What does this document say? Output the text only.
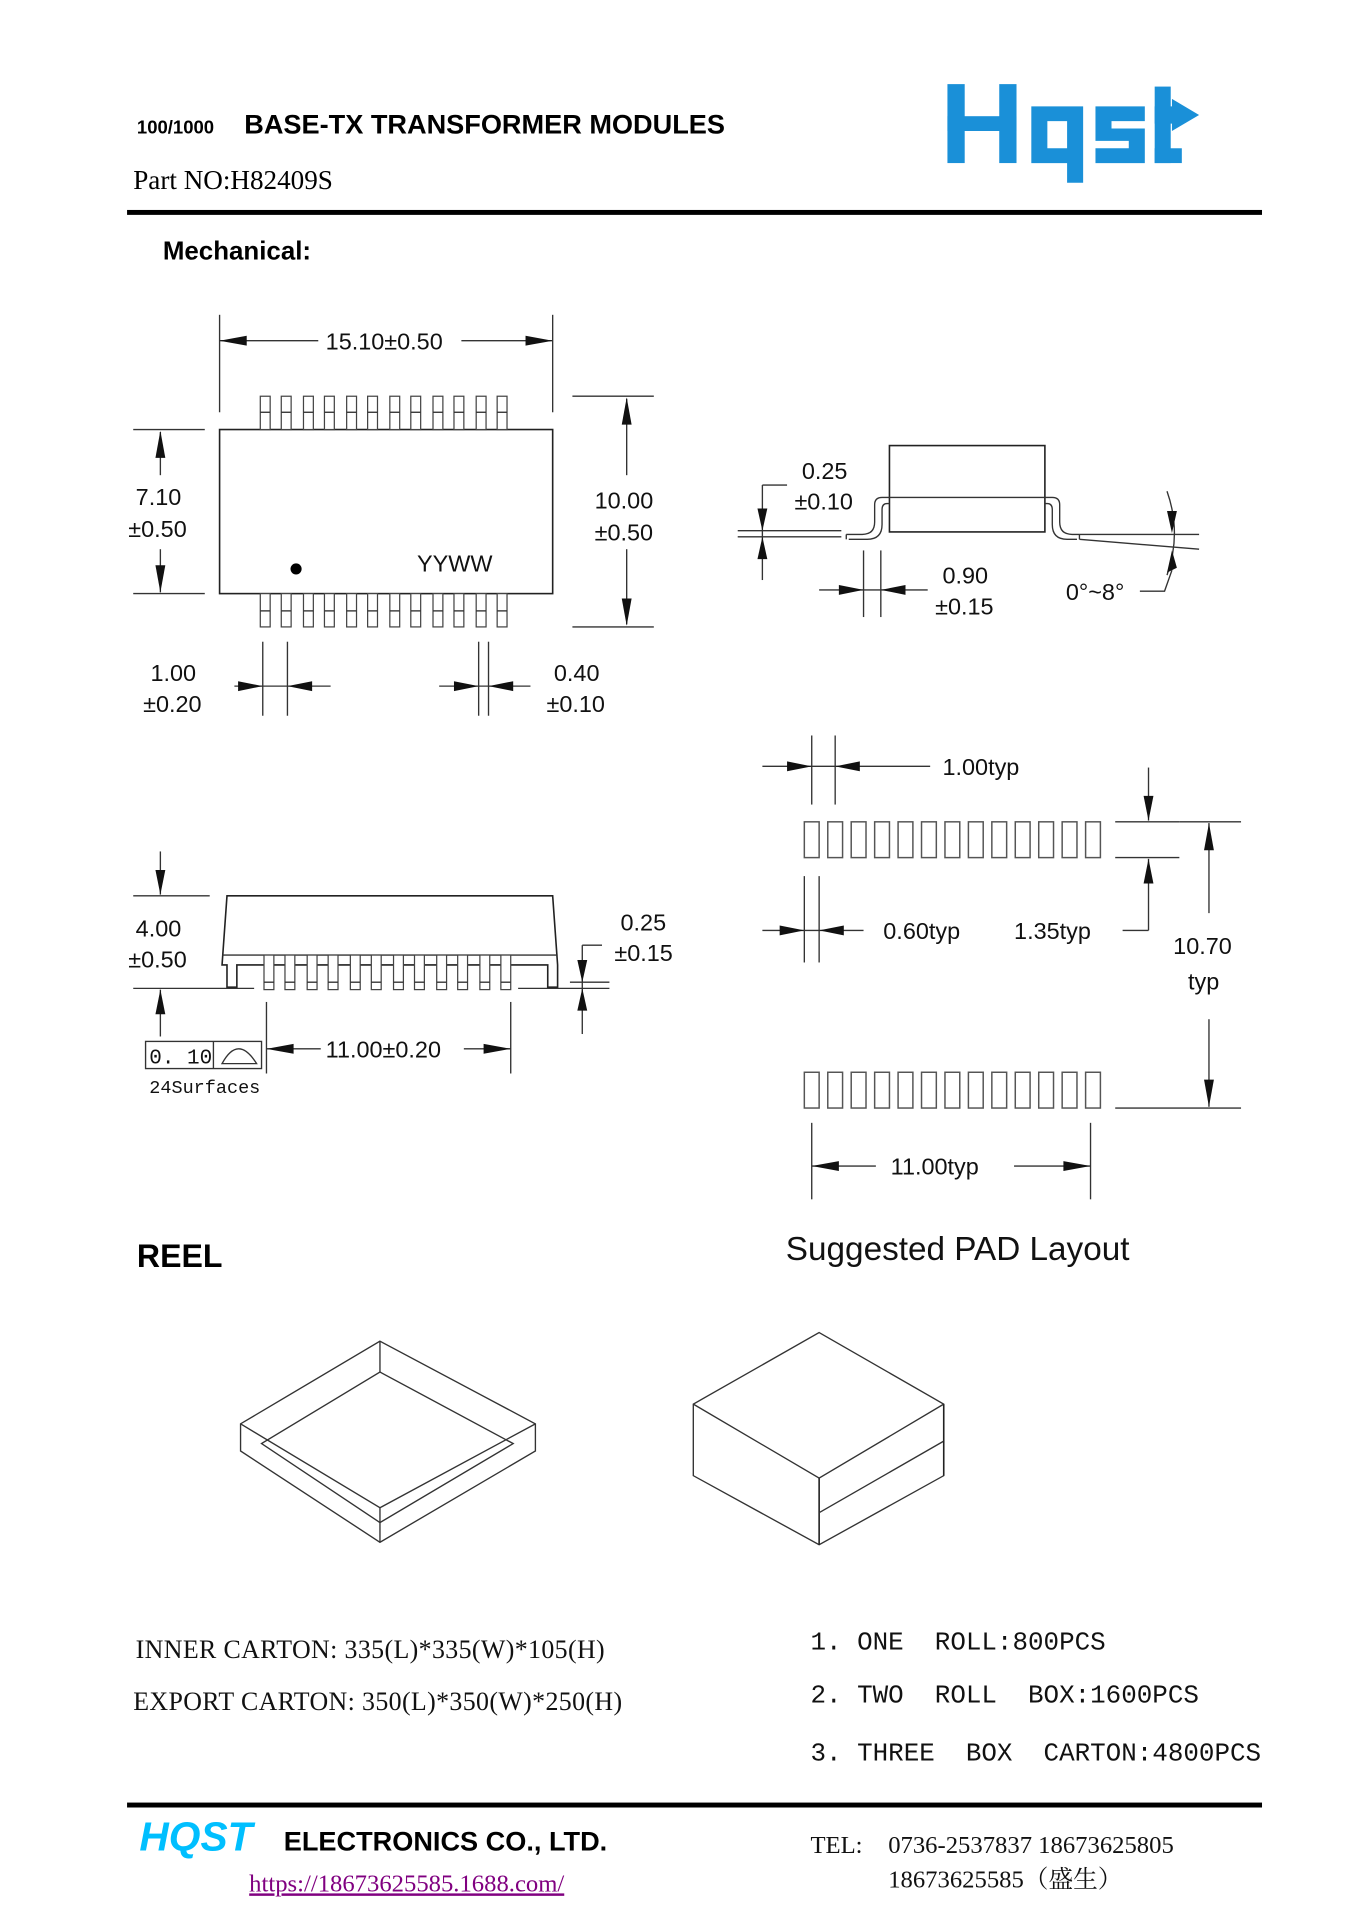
100/1000 BASE-TX TRANSFORMER MODULES
Part NO:H82409S
Mechanical:
YYWW
15.10±0.50
7.10
±0.50
10.00
±0.50
1.00
±0.20
0.40
±0.10
0.25
±0.10
0.90
±0.15
0°~8°
4.00
±0.50
0.25
±0.15
11.00±0.20
0. 10
24Surfaces
1.00typ
0.60typ	1.35typ
10.70
typ
11.00typ
REEL	Suggested PAD Layout
INNER CARTON: 335(L)*335(W)*105(H)
EXPORT CARTON: 350(L)*350(W)*250(H)
1. ONE  ROLL:800PCS
2. TWO  ROLL  BOX:1600PCS
3. THREE  BOX  CARTON:4800PCS
HQST ELECTRONICS CO., LTD.
https://18673625585.1688.com/
TEL: 0736-2537837 18673625805
18673625585（盛生）
